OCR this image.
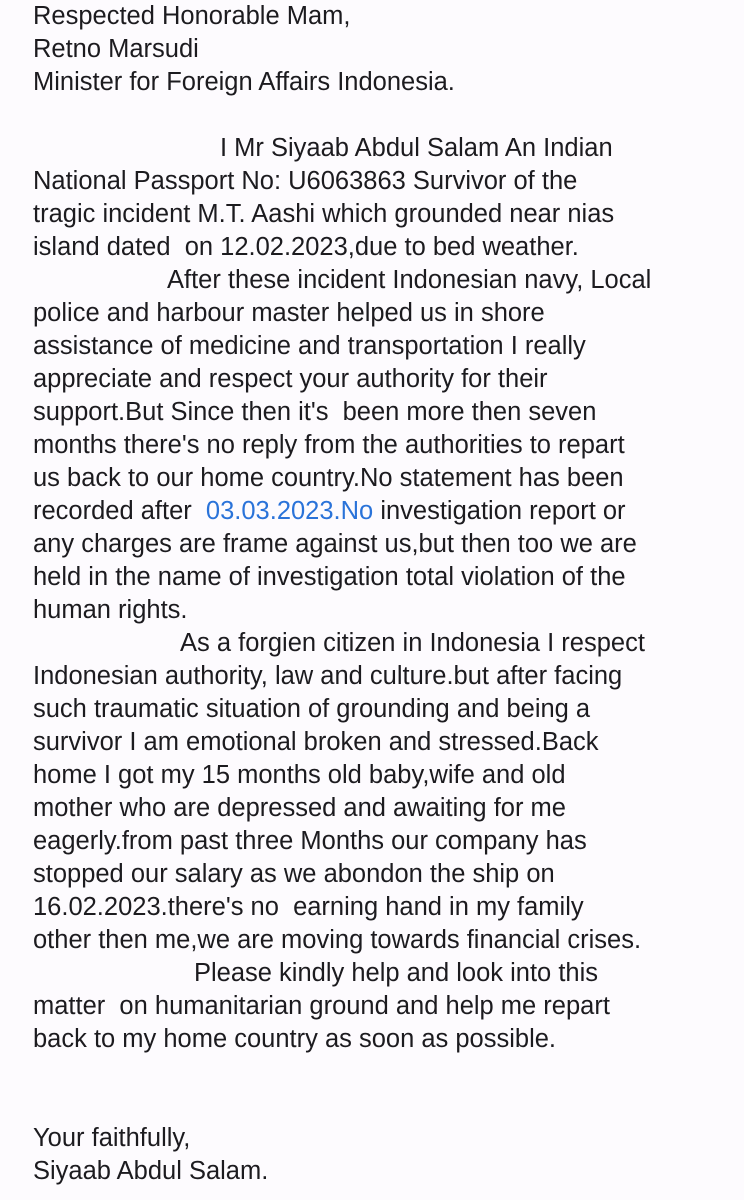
Respected Honorable Mam,
Retno Marsudi
Minister for Foreign Affairs Indonesia.
I Mr Siyaab Abdul Salam An Indian
National Passport No: U6063863 Survivor of the
tragic incident M.T. Aashi which grounded near nias
island dated  on 12.02.2023,due to bed weather.
After these incident Indonesian navy, Local
police and harbour master helped us in shore
assistance of medicine and transportation I really
appreciate and respect your authority for their
support.But Since then it's  been more then seven
months there's no reply from the authorities to repart
us back to our home country.No statement has been
recorded after  03.03.2023.No investigation report or
any charges are frame against us,but then too we are
held in the name of investigation total violation of the
human rights.
As a forgien citizen in Indonesia I respect
Indonesian authority, law and culture.but after facing
such traumatic situation of grounding and being a
survivor I am emotional broken and stressed.Back
home I got my 15 months old baby,wife and old
mother who are depressed and awaiting for me
eagerly.from past three Months our company has
stopped our salary as we abondon the ship on
16.02.2023.there's no  earning hand in my family
other then me,we are moving towards financial crises.
Please kindly help and look into this
matter  on humanitarian ground and help me repart
back to my home country as soon as possible.
Your faithfully,
Siyaab Abdul Salam.
